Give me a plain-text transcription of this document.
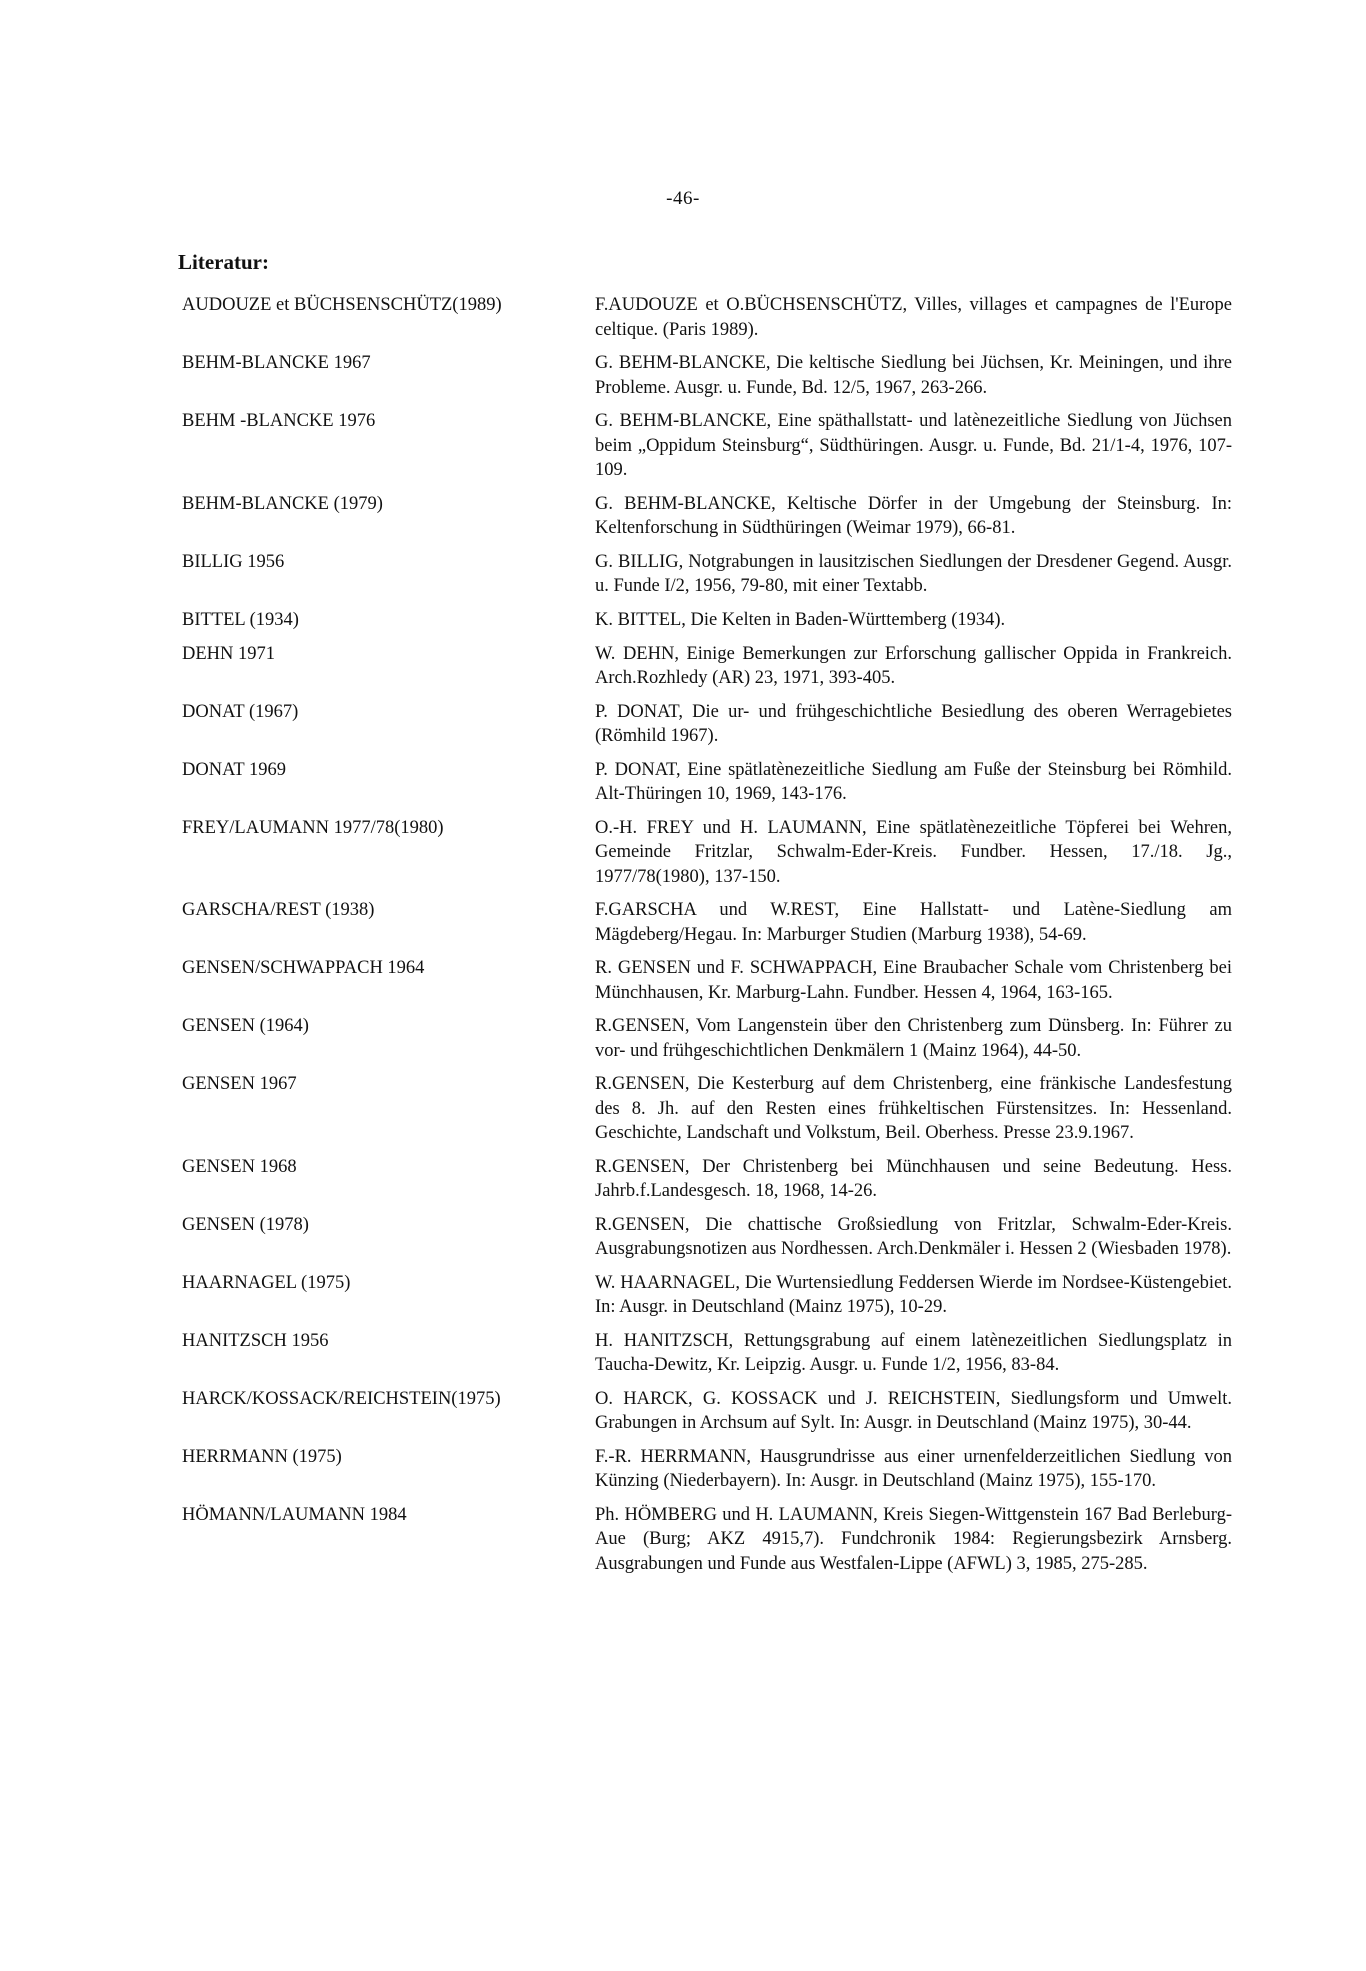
-46-
Literatur:
AUDOUZE et BÜCHSENSCHÜTZ(1989)	F.AUDOUZE et O.BÜCHSENSCHÜTZ, Villes, villages et campagnes de l'Europe celtique. (Paris 1989).
BEHM-BLANCKE 1967	G. BEHM-BLANCKE, Die keltische Siedlung bei Jüchsen, Kr. Meiningen, und ihre Probleme. Ausgr. u. Funde, Bd. 12/5, 1967, 263-266.
BEHM -BLANCKE 1976	G. BEHM-BLANCKE, Eine späthallstatt- und latènezeitliche Siedlung von Jüchsen beim „Oppidum Steinsburg“, Südthüringen. Ausgr. u. Funde, Bd. 21/1-4, 1976, 107-109.
BEHM-BLANCKE (1979)	G. BEHM-BLANCKE, Keltische Dörfer in der Umgebung der Steinsburg. In: Keltenforschung in Südthüringen (Weimar 1979), 66-81.
BILLIG 1956	G. BILLIG, Notgrabungen in lausitzischen Siedlungen der Dresdener Gegend. Ausgr. u. Funde I/2, 1956, 79-80, mit einer Textabb.
BITTEL (1934)	K. BITTEL, Die Kelten in Baden-Württemberg (1934).
DEHN 1971	W. DEHN, Einige Bemerkungen zur Erforschung gallischer Oppida in Frankreich. Arch.Rozhledy (AR) 23, 1971, 393-405.
DONAT (1967)	P. DONAT, Die ur- und frühgeschichtliche Besiedlung des oberen Werragebietes (Römhild 1967).
DONAT 1969	P. DONAT, Eine spätlatènezeitliche Siedlung am Fuße der Steinsburg bei Römhild. Alt-Thüringen 10, 1969, 143-176.
FREY/LAUMANN 1977/78(1980)	O.-H. FREY und H. LAUMANN, Eine spätlatènezeitliche Töpferei bei Wehren, Gemeinde Fritzlar, Schwalm-Eder-Kreis. Fundber. Hessen, 17./18. Jg., 1977/78(1980), 137-150.
GARSCHA/REST (1938)	F.GARSCHA und W.REST, Eine Hallstatt- und Latène-Siedlung am Mägdeberg/Hegau. In: Marburger Studien (Marburg 1938), 54-69.
GENSEN/SCHWAPPACH 1964	R. GENSEN und F. SCHWAPPACH, Eine Braubacher Schale vom Christenberg bei Münchhausen, Kr. Marburg-Lahn. Fundber. Hessen 4, 1964, 163-165.
GENSEN (1964)	R.GENSEN, Vom Langenstein über den Christenberg zum Dünsberg. In: Führer zu vor- und frühgeschichtlichen Denkmälern 1 (Mainz 1964), 44-50.
GENSEN 1967	R.GENSEN, Die Kesterburg auf dem Christenberg, eine fränkische Landesfestung des 8. Jh. auf den Resten eines frühkeltischen Fürstensitzes. In: Hessenland. Geschichte, Landschaft und Volkstum, Beil. Oberhess. Presse 23.9.1967.
GENSEN 1968	R.GENSEN, Der Christenberg bei Münchhausen und seine Bedeutung. Hess. Jahrb.f.Landesgesch. 18, 1968, 14-26.
GENSEN (1978)	R.GENSEN, Die chattische Großsiedlung von Fritzlar, Schwalm-Eder-Kreis. Ausgrabungsnotizen aus Nordhessen. Arch.Denkmäler i. Hessen 2 (Wiesbaden 1978).
HAARNAGEL (1975)	W. HAARNAGEL, Die Wurtensiedlung Feddersen Wierde im Nordsee-Küstengebiet. In: Ausgr. in Deutschland (Mainz 1975), 10-29.
HANITZSCH 1956	H. HANITZSCH, Rettungsgrabung auf einem latènezeitlichen Siedlungsplatz in Taucha-Dewitz, Kr. Leipzig. Ausgr. u. Funde 1/2, 1956, 83-84.
HARCK/KOSSACK/REICHSTEIN(1975)	O. HARCK, G. KOSSACK und J. REICHSTEIN, Siedlungsform und Umwelt. Grabungen in Archsum auf Sylt. In: Ausgr. in Deutschland (Mainz 1975), 30-44.
HERRMANN (1975)	F.-R. HERRMANN, Hausgrundrisse aus einer urnenfelderzeitlichen Siedlung von Künzing (Niederbayern). In: Ausgr. in Deutschland (Mainz 1975), 155-170.
HÖMANN/LAUMANN 1984	Ph. HÖMBERG und H. LAUMANN, Kreis Siegen-Wittgenstein 167 Bad Berleburg-Aue (Burg; AKZ 4915,7). Fundchronik 1984: Regierungsbezirk Arnsberg. Ausgrabungen und Funde aus Westfalen-Lippe (AFWL) 3, 1985, 275-285.
